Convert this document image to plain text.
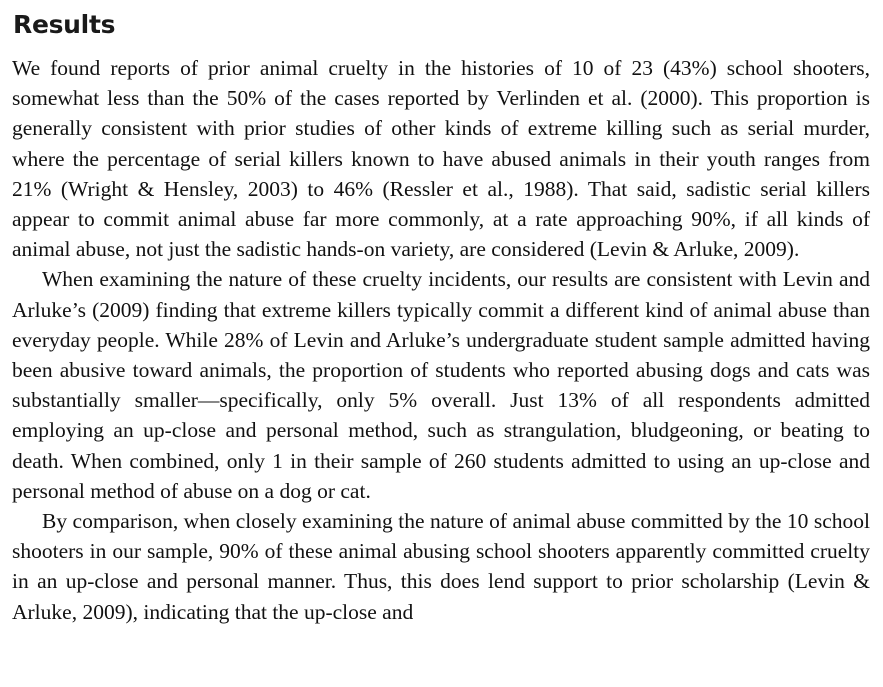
Results

We found reports of prior animal cruelty in the histories of 10 of 23 (43%) school shooters, somewhat less than the 50% of the cases reported by Verlinden et al. (2000). This proportion is generally consistent with prior studies of other kinds of extreme killing such as serial murder, where the percentage of serial killers known to have abused animals in their youth ranges from 21% (Wright & Hensley, 2003) to 46% (Ressler et al., 1988). That said, sadistic serial killers appear to commit animal abuse far more commonly, at a rate approaching 90%, if all kinds of animal abuse, not just the sadistic hands-on variety, are considered (Levin & Arluke, 2009).

When examining the nature of these cruelty incidents, our results are consistent with Levin and Arluke’s (2009) finding that extreme killers typically commit a different kind of animal abuse than everyday people. While 28% of Levin and Arluke’s undergraduate student sample admitted having been abusive toward animals, the proportion of students who reported abusing dogs and cats was substantially smaller—specifically, only 5% overall. Just 13% of all respondents admitted employing an up-close and personal method, such as strangulation, bludgeoning, or beating to death. When combined, only 1 in their sample of 260 students admitted to using an up-close and personal method of abuse on a dog or cat.

By comparison, when closely examining the nature of animal abuse committed by the 10 school shooters in our sample, 90% of these animal abusing school shooters apparently committed cruelty in an up-close and personal manner. Thus, this does lend support to prior scholarship (Levin & Arluke, 2009), indicating that the up-close and
